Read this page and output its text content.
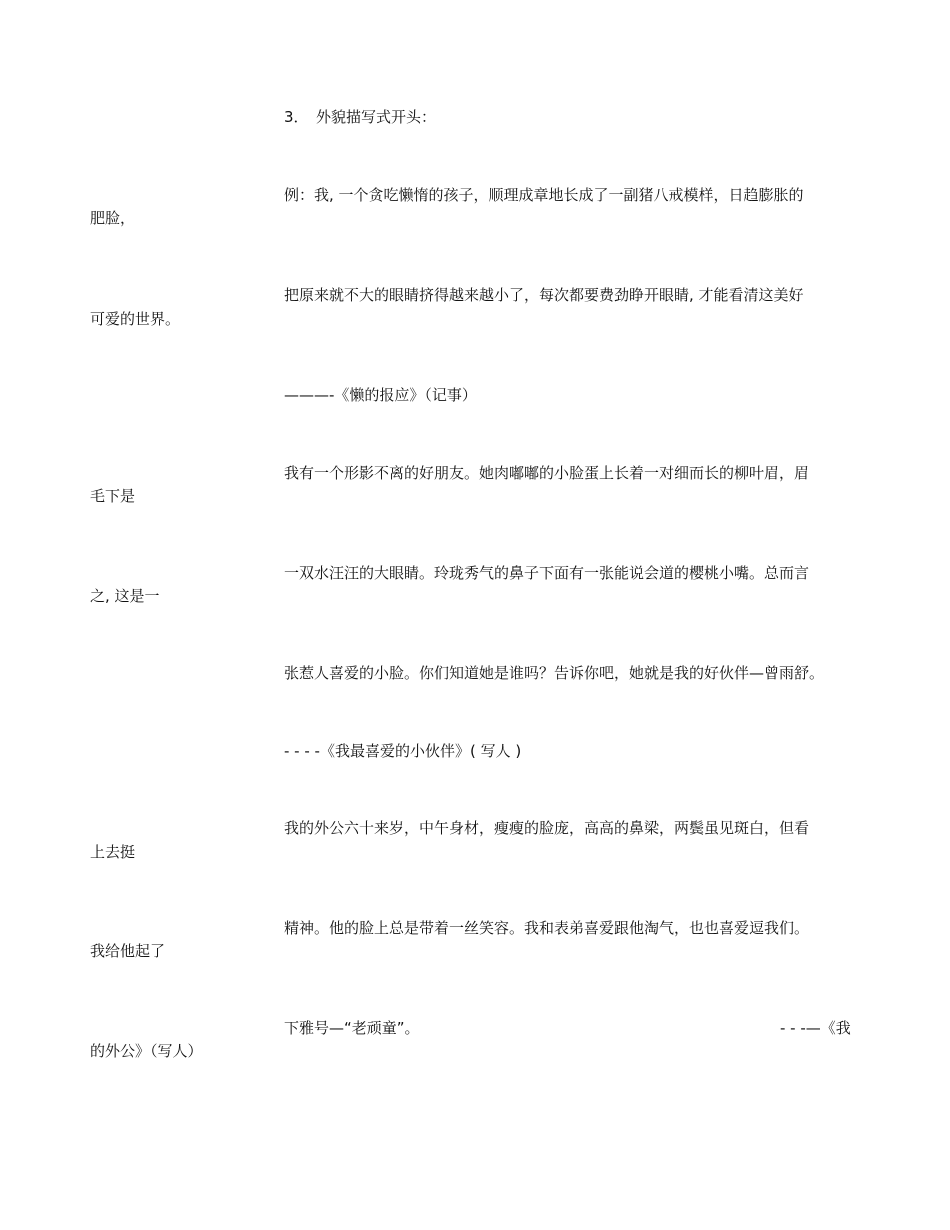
3．　外貌描写式开头：

例：我, 一个贪吃懒惰的孩子，顺理成章地长成了一副猪八戒模样，日趋膨胀的

肥脸，

把原来就不大的眼睛挤得越来越小了，每次都要费劲睁开眼睛, 才能看清这美好

可爱的世界。

———-《懒的报应》（记事）

我有一个形影不离的好朋友。她肉嘟嘟的小脸蛋上长着一对细而长的柳叶眉，眉

毛下是

一双水汪汪的大眼睛。玲珑秀气的鼻子下面有一张能说会道的樱桃小嘴。总而言

之, 这是一

张惹人喜爱的小脸。你们知道她是谁吗？告诉你吧，她就是我的好伙伴—曾雨舒。

- - - -《我最喜爱的小伙伴》( 写人 )

我的外公六十来岁，中午身材，瘦瘦的脸庞，高高的鼻梁，两鬓虽见斑白，但看

上去挺

精神。他的脸上总是带着一丝笑容。我和表弟喜爱跟他淘气，也也喜爱逗我们。

我给他起了

下雅号—“老顽童”。	- - -—《我

的外公》（写人）
